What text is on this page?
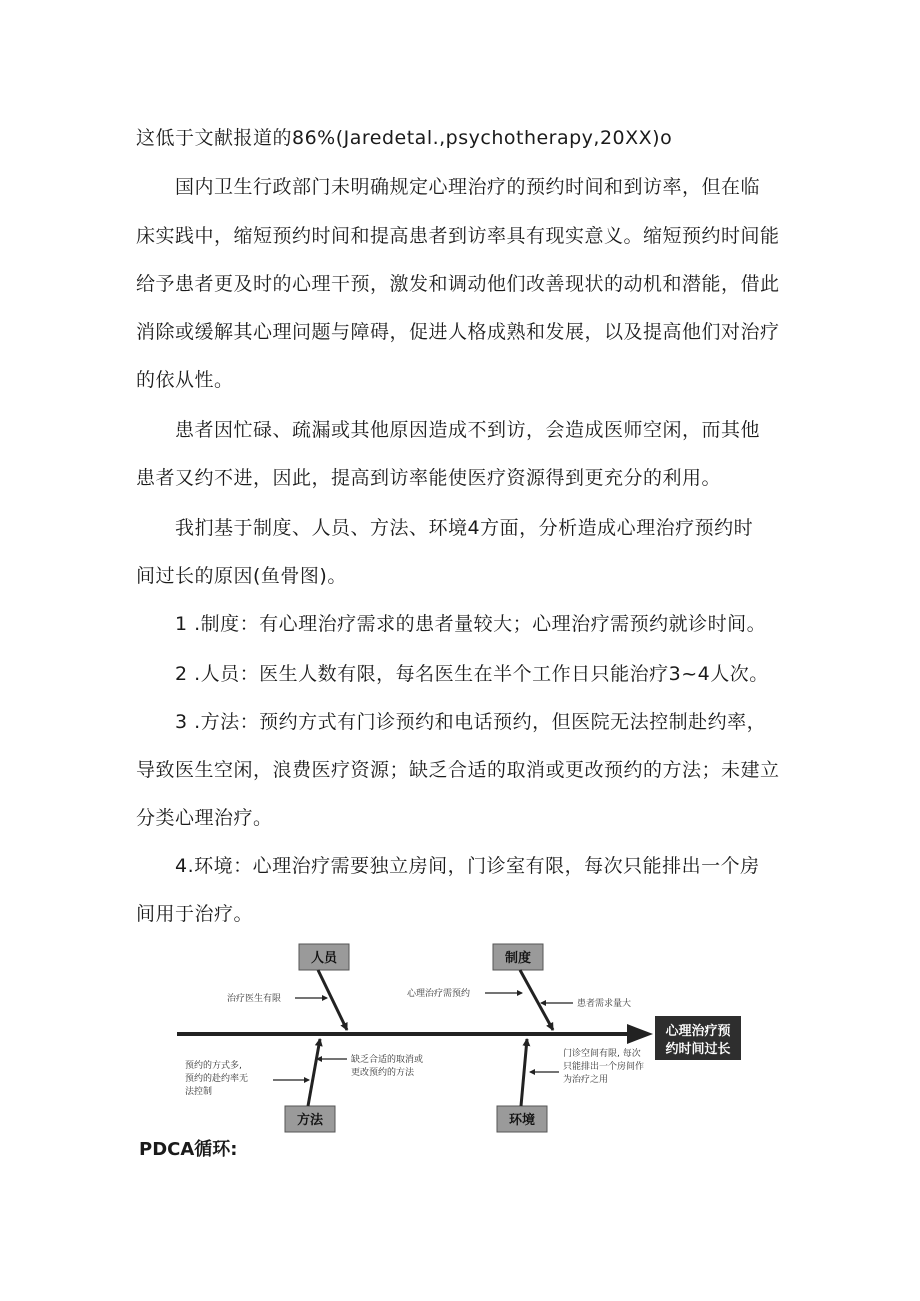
这低于文献报道的86%(Jaredetal.,psychotherapy,20XX)o

国内卫生行政部门未明确规定心理治疗的预约时间和到访率，但在临

床实践中，缩短预约时间和提高患者到访率具有现实意义。缩短预约时间能

给予患者更及时的心理干预，激发和调动他们改善现状的动机和潜能，借此

消除或缓解其心理问题与障碍，促进人格成熟和发展，以及提高他们对治疗

的依从性。

患者因忙碌、疏漏或其他原因造成不到访，会造成医师空闲，而其他

患者又约不进，因此，提高到访率能使医疗资源得到更充分的利用。

我扪基于制度、人员、方法、环境4方面，分析造成心理治疗预约时

间过长的原因(鱼骨图)。

1 .制度：有心理治疗需求的患者量较大；心理治疗需预约就诊时间。

2 .人员：医生人数有限，每名医生在半个工作日只能治疗3~4人次。

3 .方法：预约方式有门诊预约和电话预约，但医院无法控制赴约率，

导致医生空闲，浪费医疗资源；缺乏合适的取消或更改预约的方法；未建立

分类心理治疗。

4.环境：心理治疗需要独立房间，门诊室有限，每次只能排出一个房

间用于治疗。

心理治疗预
约时间过长
人员
治疗医生有限
制度
心理治疗需预约
患者需求量大
方法
预约的方式多,
预约的赴约率无
法控制
缺乏合适的取消或
更改预约的方法
环境
门诊空间有限, 每次
只能排出一个房间作
为治疗之用
PDCA循环:
